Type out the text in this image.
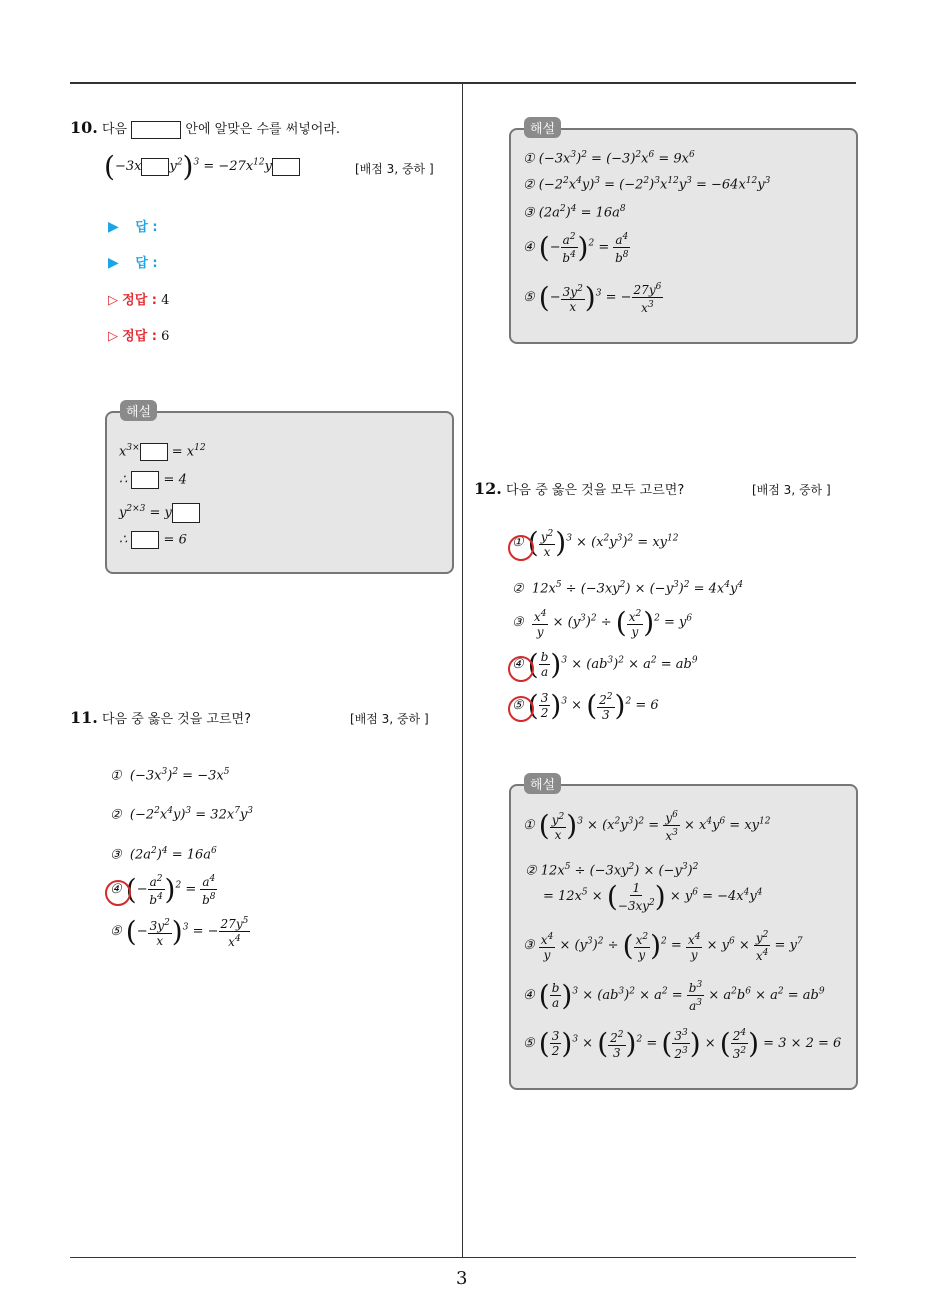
3
10. 다음	안에 알맞은 수를 써넣어라.
(−3x $y^2)^3 = -27x^{12}y$	[배점 3, 중하 ]
▶ 답 :
▶ 답 :
▷ 정답 : 4
▷ 정답 : 6
$x^{3\times} = x^{12}$
∴  = 4
$y^{2\times 3} = y$
∴  = 6
해설
11. 다음 중 옳은 것을 고르면?	[배점 3, 중하 ]
①  $(-3x^3)^2 = -3x^5$
②  $(-2^2x^4y)^3 = 32x^7y^3$
③  $(2a^2)^4 = 16a^6$
④ (− $\frac{a^2}{b^4} )^2 = \frac{a^4}{b^8}$
⑤ (− $\frac{3y^2}{x} )^3$ = − $\frac{27y^5}{x^4}$
① $(-3x^3)^2 = (-3)^2x^6 = 9x^6$
② $(-2^2x^4y)^3 = (-2^2)^3x^{12}y^3 = -64x^{12}y^3$
③ $(2a^2)^4 = 16a^8$
④ (− $\frac{a^2}{b^4} )^2 = \frac{a^4}{b^8}$
⑤ (− $\frac{3y^2}{x} )^3$ = − $\frac{27y^6}{x^3}$
해설
12. 다음 중 옳은 것을 모두 고르면?	[배점 3, 중하 ]
① ( $\frac{y^2}{x} )^3 \times (x^2y^3)^2 = xy^{12}$
②  $12x^5 \div (-3xy^2) \times (-y^3)^2 = 4x^4y^4$
③ $\frac{x^4}{y} \times (y^3)^2$ ÷ ( $\frac{x^2}{y} )^2 = y^6$
④ ( $\frac{b}{a} )^3 \times (ab^3)^2 \times a^2 = ab^9$
⑤ ( $\frac{3}{2} )^3$ × ( $\frac{2^2}{3} )^2 = 6$
① ( $\frac{y^2}{x} )^3 \times (x^2y^3)^2 = \frac{y^6}{x^3} \times x^4y^6 = xy^{12}$
② $12x^5 \div (-3xy^2) \times (-y^3)^2$
= $12x^5$ × ( $\frac{1}{-3xy^2}$ ) × $y^6 = -4x^4y^4$
③ $\frac{x^4}{y} \times (y^3)^2$ ÷ ( $\frac{x^2}{y} )^2 = \frac{x^4}{y} \times y^6 \times \frac{y^2}{x^4} = y^7$
④ ( $\frac{b}{a} )^3 \times (ab^3)^2 \times a^2 = \frac{b^3}{a^3} \times a^2b^6 \times a^2 = ab^9$
⑤ ( $\frac{3}{2} )^3$ × ( $\frac{2^2}{3} )^2$ = ( $\frac{3^3}{2^3}$ ) × ( $\frac{2^4}{3^2}$ ) = 3 × 2 = 6
해설
